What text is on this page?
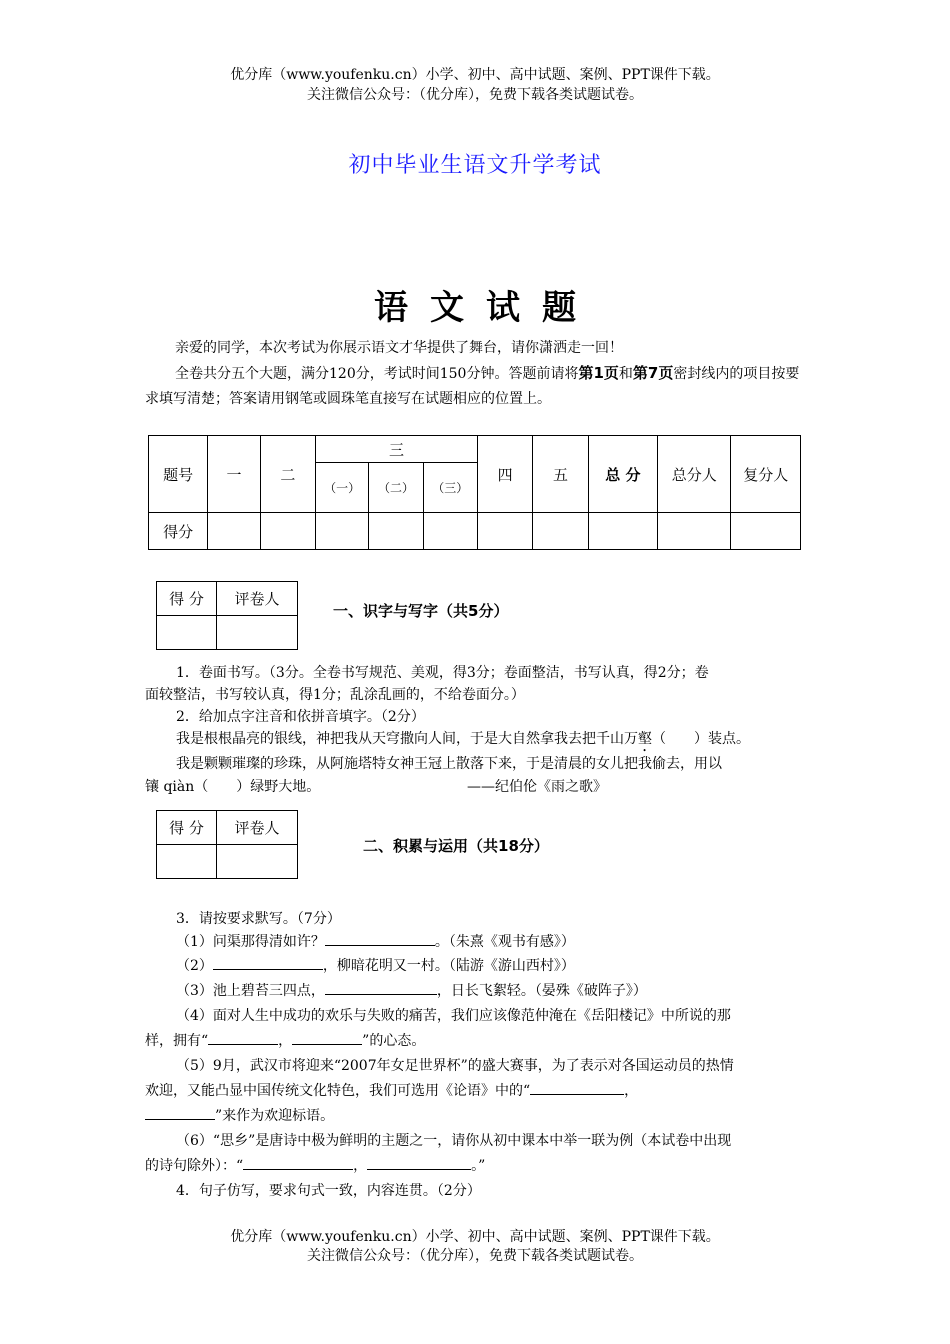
优分库（www.youfenku.cn）小学、初中、高中试题、案例、PPT课件下载。
关注微信公众号：（优分库），免费下载各类试题试卷。
初中毕业生语文升学考试
语文试题
亲爱的同学，本次考试为你展示语文才华提供了舞台，请你潇洒走一回！
全卷共分五个大题，满分120分，考试时间150分钟。答题前请将第1页和第7页密封线内的项目按要求填写清楚；答案请用钢笔或圆珠笔直接写在试题相应的位置上。
题号	一	二	三			四	五	总 分	总分人	复分人
			（一）	（二）	（三）					
得分										
得 分	评卷人

一、识字与写字（共5分）
1．卷面书写。（3分。全卷书写规范、美观，得3分；卷面整洁，书写认真，得2分；卷
面较整洁，书写较认真，得1分；乱涂乱画的，不给卷面分。）
2．给加点字注音和依拼音填字。（2分）
我是根根晶亮的银线，神把我从天穹撒向人间，于是大自然拿我去把千山万壑（　　）装点。
我是颗颗璀璨的珍珠，从阿施塔特女神王冠上散落下来，于是清晨的女儿把我偷去，用以
镶 qiàn（　　）绿野大地。	——纪伯伦《雨之歌》
得 分	评卷人

二、积累与运用（共18分）
3．请按要求默写。（7分）
（1）问渠那得清如许？	。（朱熹《观书有感》）
（2）	，柳暗花明又一村。（陆游《游山西村》）
（3）池上碧苔三四点，	，日长飞絮轻。（晏殊《破阵子》）
（4）面对人生中成功的欢乐与失败的痛苦，我们应该像范仲淹在《岳阳楼记》中所说的那
样，拥有“	，	”的心态。
（5）9月，武汉市将迎来“2007年女足世界杯”的盛大赛事，为了表示对各国运动员的热情
欢迎，又能凸显中国传统文化特色，我们可选用《论语》中的“	，
”来作为欢迎标语。
（6）“思乡”是唐诗中极为鲜明的主题之一，请你从初中课本中举一联为例（本试卷中出现
的诗句除外）：“	，	。”
4．句子仿写，要求句式一致，内容连贯。（2分）
优分库（www.youfenku.cn）小学、初中、高中试题、案例、PPT课件下载。
关注微信公众号：（优分库），免费下载各类试题试卷。
